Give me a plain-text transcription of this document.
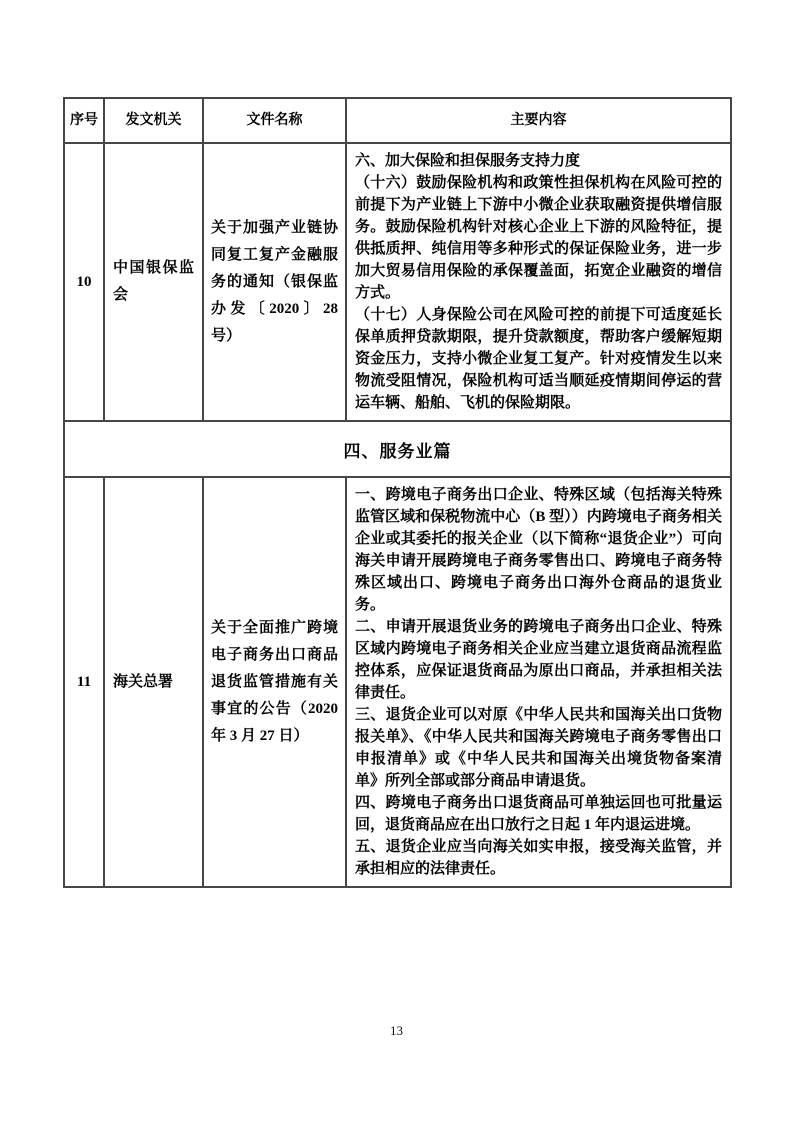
序号	发文机关	文件名称	主要内容
10	中国银保监会	关于加强产业链协同复工复产金融服务的通知（银保监办发〔2020〕28 号）	六、加大保险和担保服务支持力度

（十六）鼓励保险机构和政策性担保机构在风险可控的前提下为产业链上下游中小微企业获取融资提供增信服务。鼓励保险机构针对核心企业上下游的风险特征，提供抵质押、纯信用等多种形式的保证保险业务，进一步加大贸易信用保险的承保覆盖面，拓宽企业融资的增信方式。

（十七）人身保险公司在风险可控的前提下可适度延长保单质押贷款期限，提升贷款额度，帮助客户缓解短期资金压力，支持小微企业复工复产。针对疫情发生以来物流受阻情况，保险机构可适当顺延疫情期间停运的营运车辆、船舶、飞机的保险期限。

四、服务业篇			
11	海关总署	关于全面推广跨境电子商务出口商品退货监管措施有关事宜的公告（2020 年 3 月 27 日）	一、跨境电子商务出口企业、特殊区域（包括海关特殊监管区域和保税物流中心（B 型））内跨境电子商务相关企业或其委托的报关企业（以下简称“退货企业”）可向海关申请开展跨境电子商务零售出口、跨境电子商务特殊区域出口、跨境电子商务出口海外仓商品的退货业务。

二、申请开展退货业务的跨境电子商务出口企业、特殊区域内跨境电子商务相关企业应当建立退货商品流程监控体系，应保证退货商品为原出口商品，并承担相关法律责任。

三、退货企业可以对原《中华人民共和国海关出口货物报关单》、《中华人民共和国海关跨境电子商务零售出口申报清单》或《中华人民共和国海关出境货物备案清单》所列全部或部分商品申请退货。

四、跨境电子商务出口退货商品可单独运回也可批量运回，退货商品应在出口放行之日起 1 年内退运进境。

五、退货企业应当向海关如实申报，接受海关监管，并承担相应的法律责任。

13
